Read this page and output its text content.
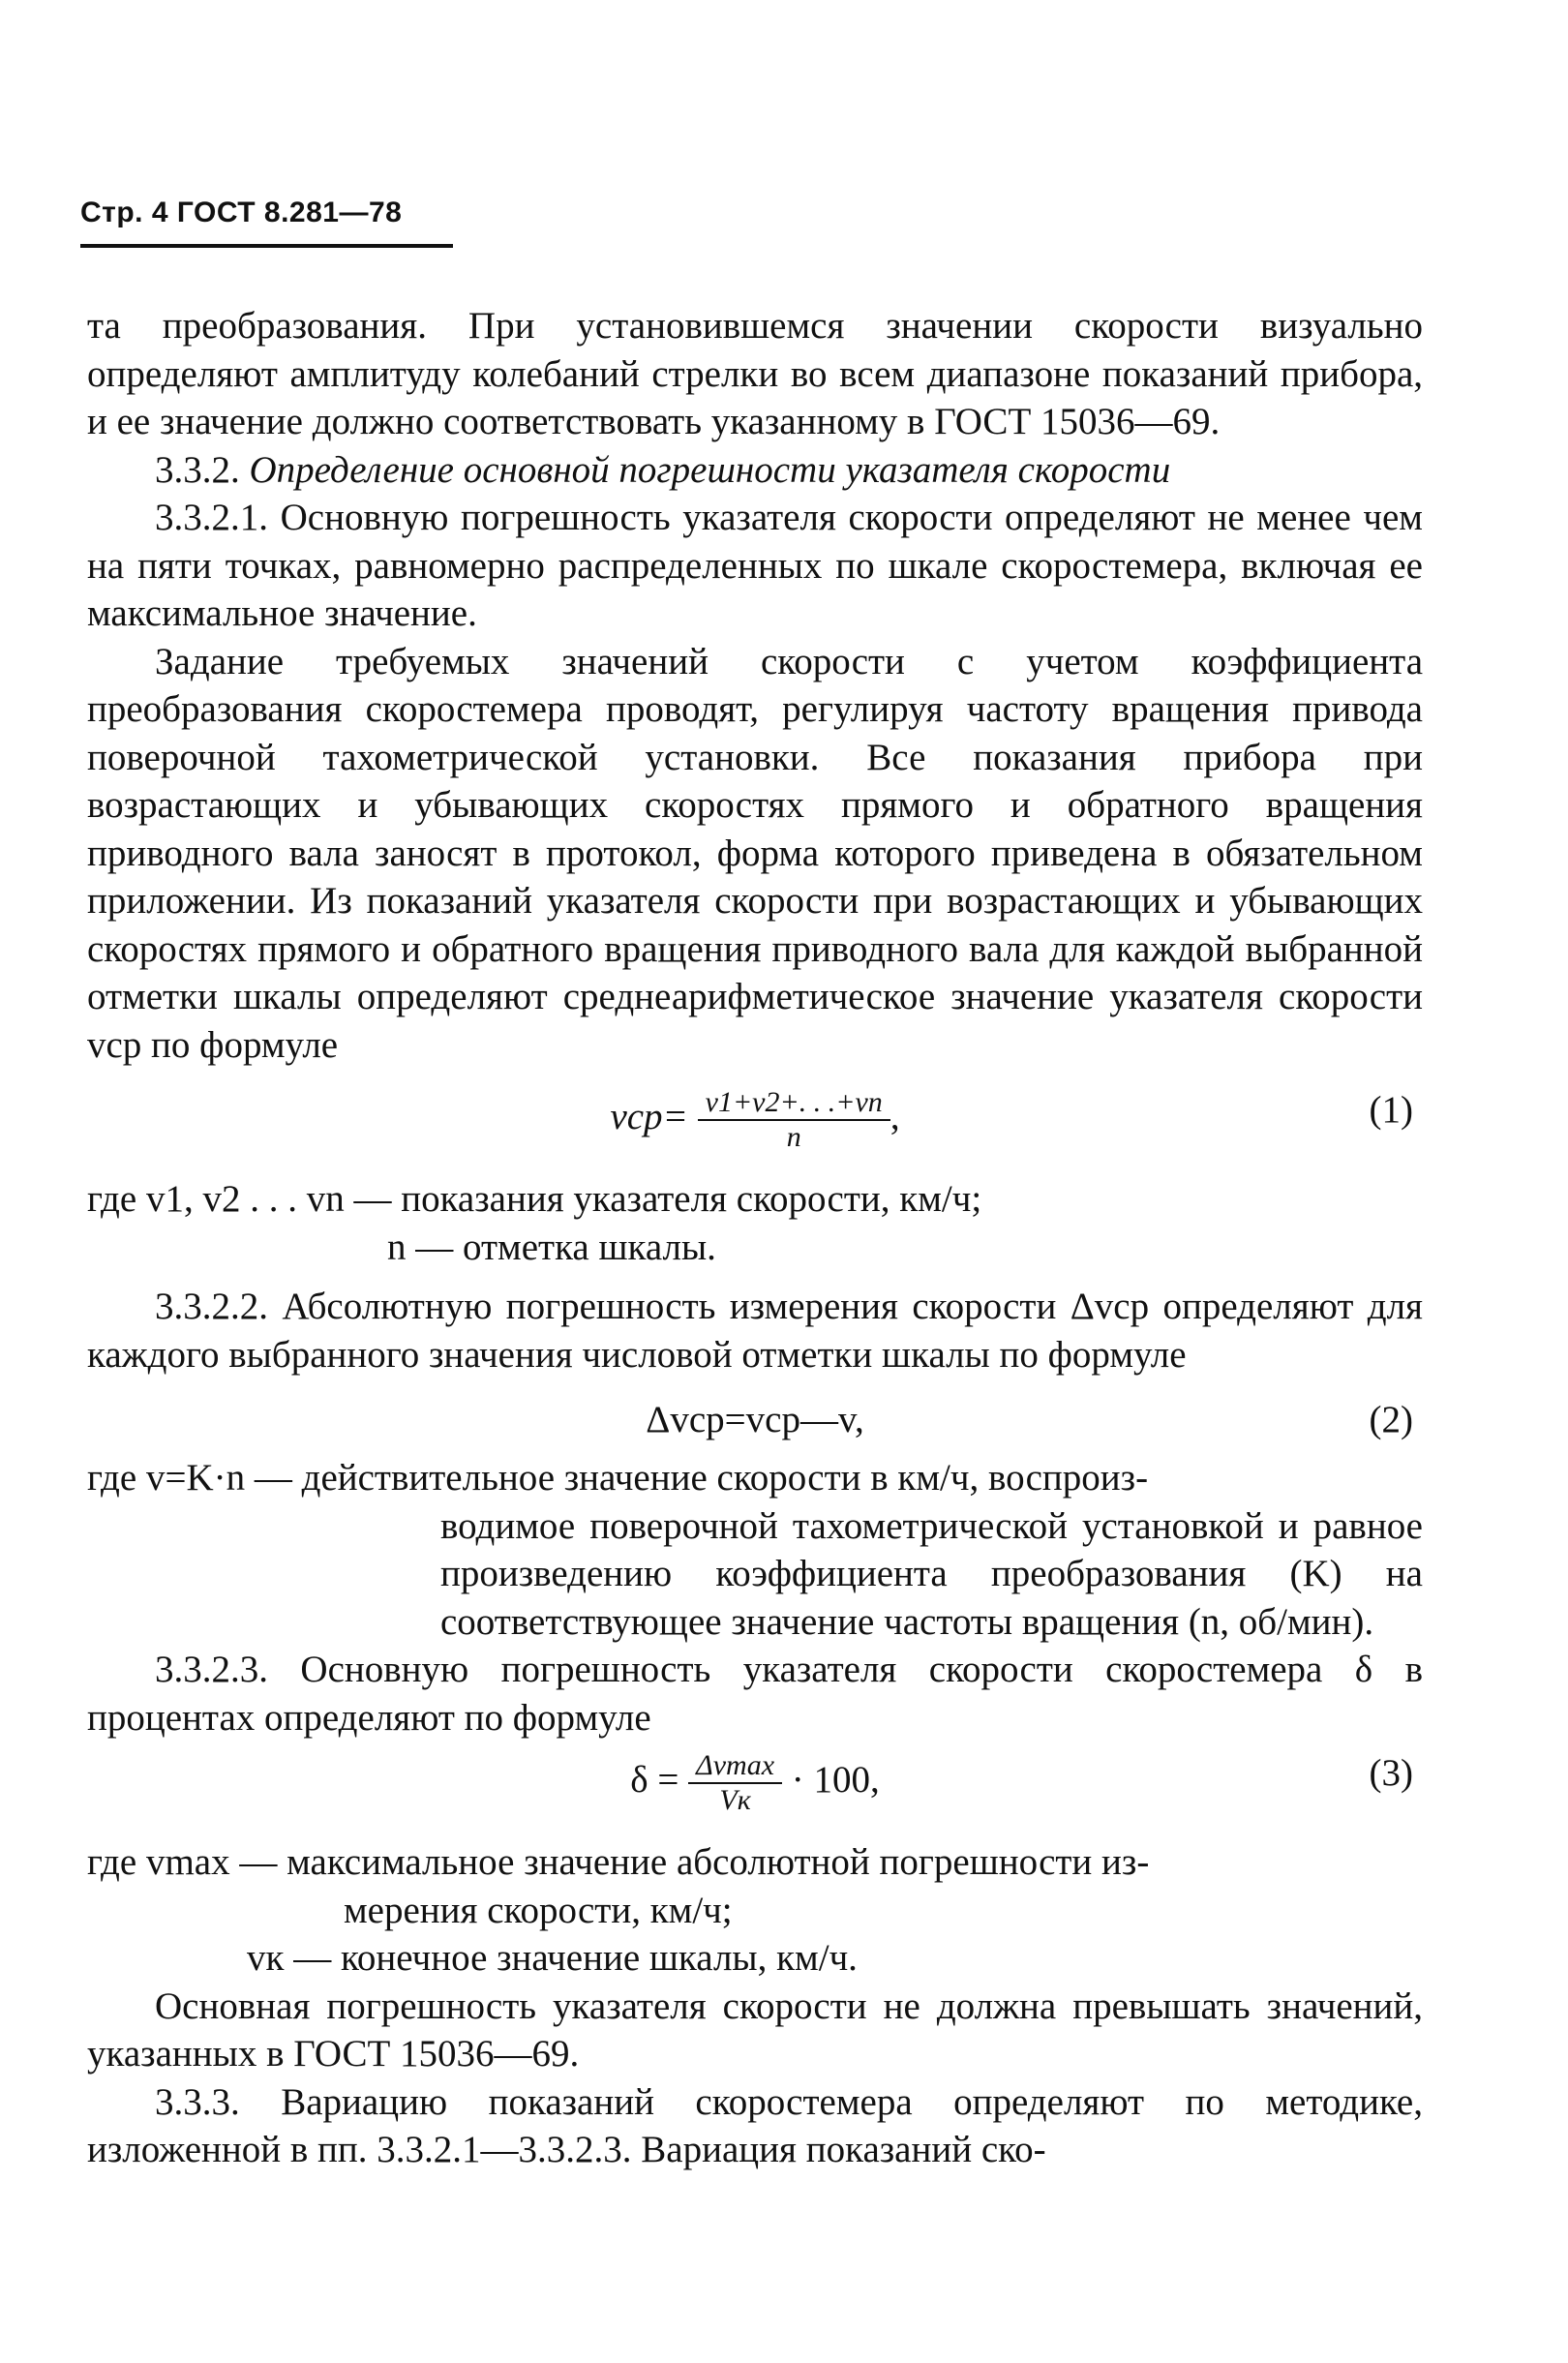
Стр. 4 ГОСТ 8.281—78

та преобразования. При установившемся значении скорости визуально определяют амплитуду колебаний стрелки во всем диапазоне показаний прибора, и ее значение должно соответствовать указанному в ГОСТ 15036—69.

3.3.2. Определение основной погрешности указателя скорости

3.3.2.1. Основную погрешность указателя скорости определяют не менее чем на пяти точках, равномерно распределенных по шкале скоростемера, включая ее максимальное значение.

Задание требуемых значений скорости с учетом коэффициента преобразования скоростемера проводят, регулируя частоту вращения привода поверочной тахометрической установки. Все показания прибора при возрастающих и убывающих скоростях прямого и обратного вращения приводного вала заносят в протокол, форма которого приведена в обязательном приложении. Из показаний указателя скорости при возрастающих и убывающих скоростях прямого и обратного вращения приводного вала для каждой выбранной отметки шкалы определяют среднеарифметическое значение указателя скорости vср по формуле

$vср= \frac{v1+v2+. . .+vn}{n}$ ,	(1)
где v1, v2 . . . vn — показания указателя скорости, км/ч;
n — отметка шкалы.

3.3.2.2. Абсолютную погрешность измерения скорости Δvср определяют для каждого выбранного значения числовой отметки шкалы по формуле

Δvср=vср—v,	(2)
где v=K·n — действительное значение скорости в км/ч, воспроиз-
водимое поверочной тахометрической установкой и равное произведению коэффициента преобразования (K) на соответствующее значение частоты вращения (n, об/мин).

3.3.2.3. Основную погрешность указателя скорости скоростемера δ в процентах определяют по формуле

$\delta = \frac{\Delta vmax}{Vк} \cdot 100$,	(3)
где vmax — максимальное значение абсолютной погрешности из-
мерения скорости, км/ч;
vк — конечное значение шкалы, км/ч.

Основная погрешность указателя скорости не должна превышать значений, указанных в ГОСТ 15036—69.

3.3.3. Вариацию показаний скоростемера определяют по методике, изложенной в пп. 3.3.2.1—3.3.2.3. Вариация показаний ско-
